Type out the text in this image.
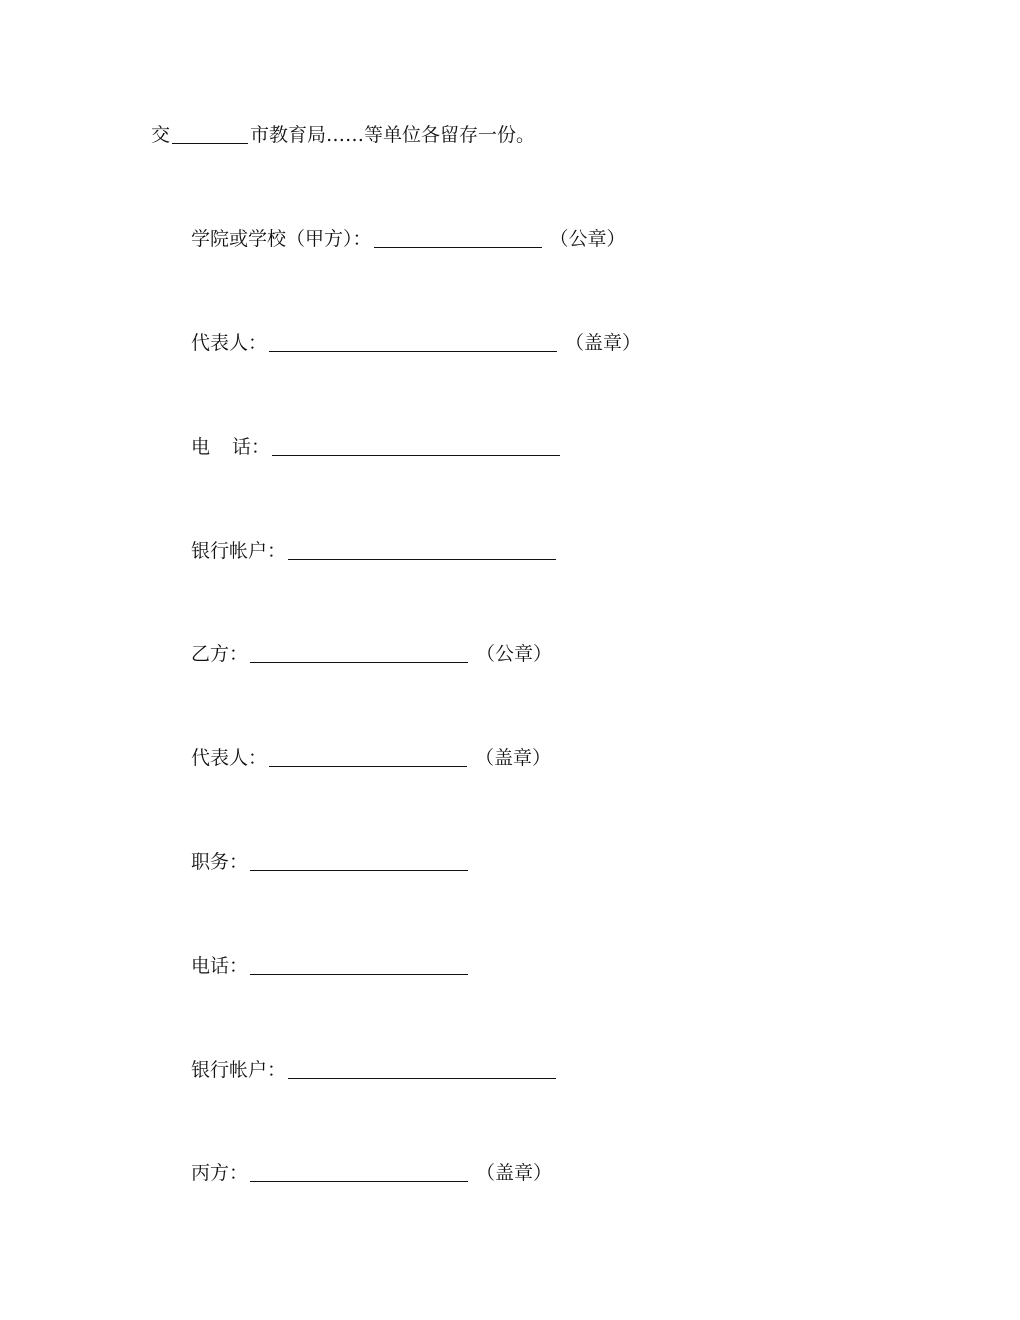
交	市教育局……等单位各留存一份。
学院或学校（甲方）：	（公章）
代表人：	（盖章）
电 话：
银行帐户：
乙方：	（公章）
代表人：	（盖章）
职务：
电话：
银行帐户：
丙方：	（盖章）
